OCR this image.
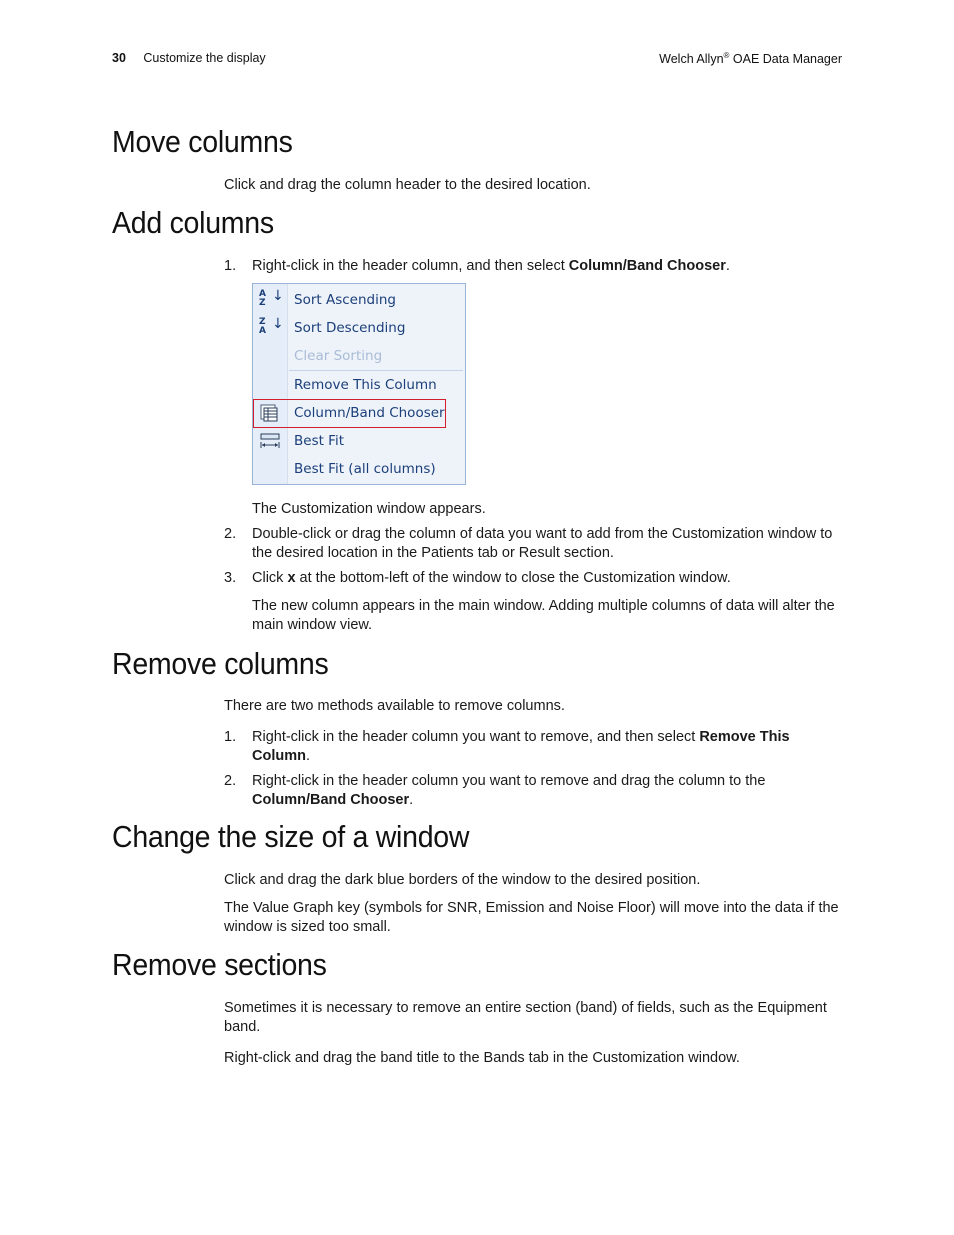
30 Customize the display	Welch Allyn® OAE Data Manager
Move columns

Click and drag the column header to the desired location.

Add columns
1. Right-click in the header column, and then select Column/Band Chooser.

A
Z ↓ Sort Ascending
Z
A ↓ Sort Descending
Clear Sorting
Remove This Column
Column/Band Chooser
Best Fit
Best Fit (all columns)

The Customization window appears.

2. Double-click or drag the column of data you want to add from the Customization window to the desired location in the Patients tab or Result section.

3. Click x at the bottom-left of the window to close the Customization window.

The new column appears in the main window. Adding multiple columns of data will alter the main window view.

Remove columns

There are two methods available to remove columns.

1. Right-click in the header column you want to remove, and then select Remove This Column.

2. Right-click in the header column you want to remove and drag the column to the Column/Band Chooser.

Change the size of a window

Click and drag the dark blue borders of the window to the desired position.

The Value Graph key (symbols for SNR, Emission and Noise Floor) will move into the data if the window is sized too small.

Remove sections

Sometimes it is necessary to remove an entire section (band) of fields, such as the Equipment band.

Right-click and drag the band title to the Bands tab in the Customization window.
